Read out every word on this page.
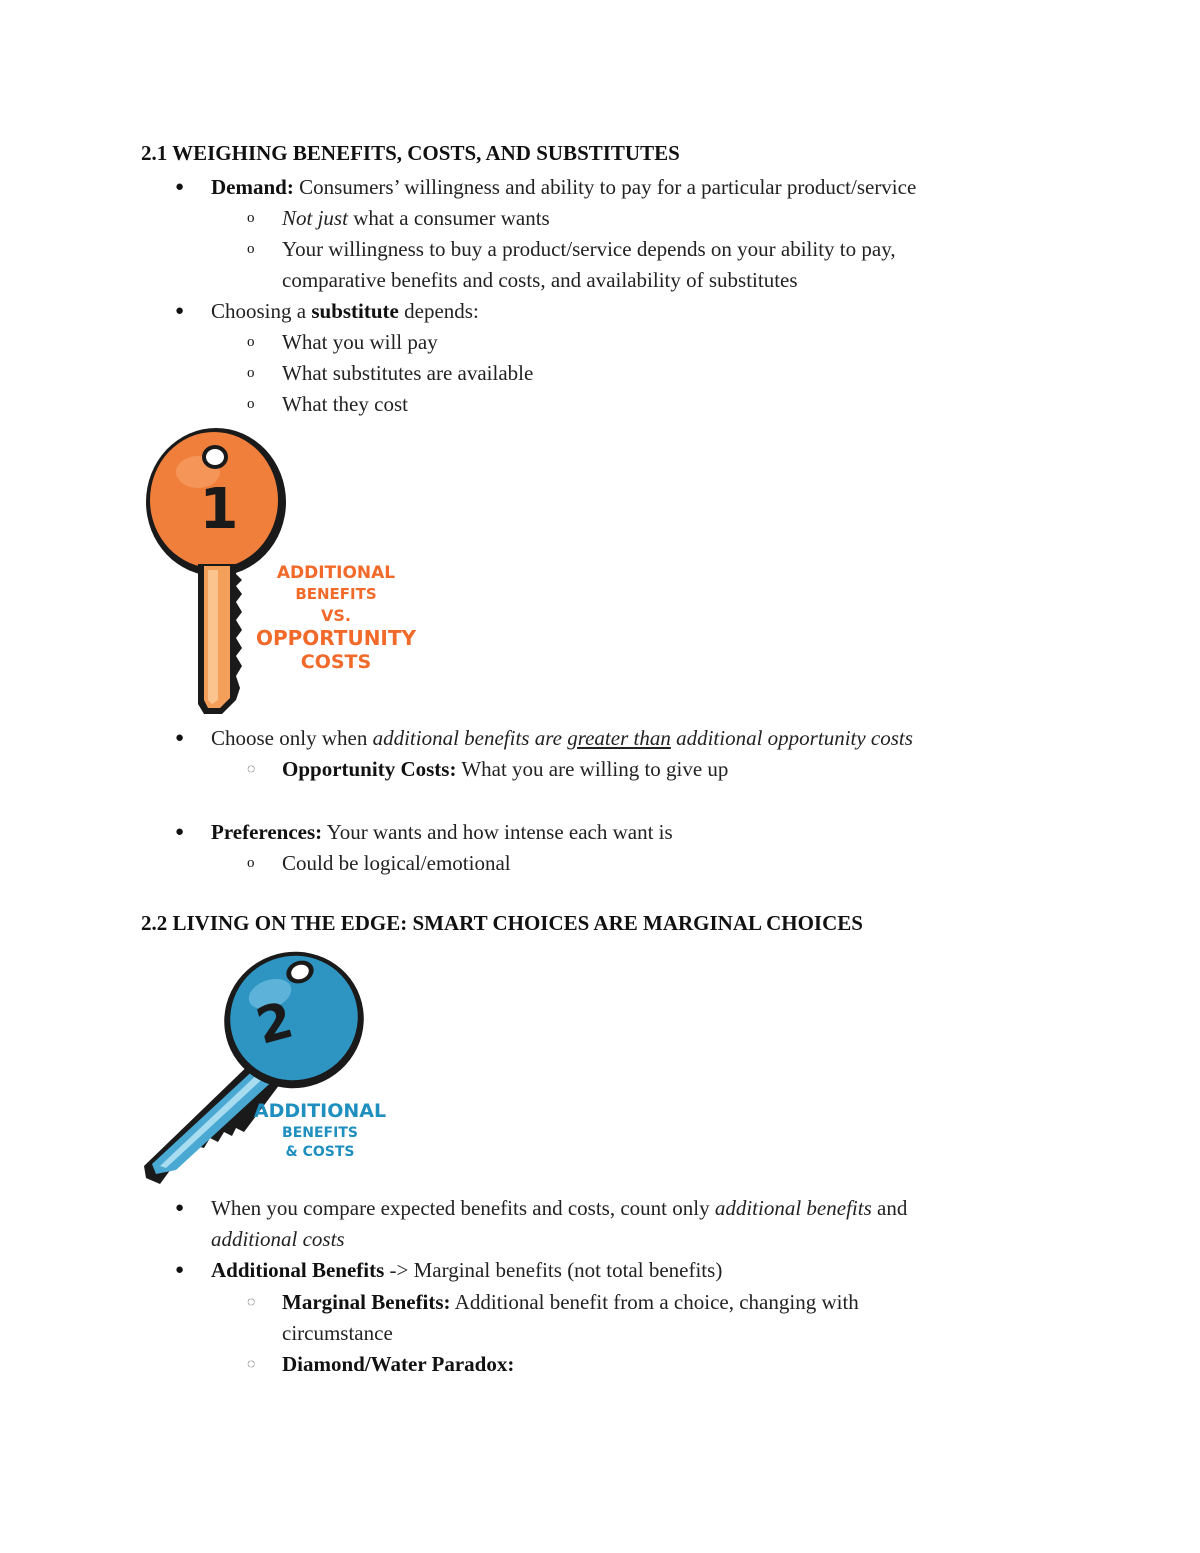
2.1 WEIGHING BENEFITS, COSTS, AND SUBSTITUTES
● Demand: Consumers’ willingness and ability to pay for a particular product/service
o Not just what a consumer wants
o Your willingness to buy a product/service depends on your ability to pay,
comparative benefits and costs, and availability of substitutes
● Choosing a substitute depends:
o What you will pay
o What substitutes are available
o What they cost
1
ADDITIONAL
BENEFITS
VS.
OPPORTUNITY
COSTS
● Choose only when additional benefits are greater than additional opportunity costs
◌ Opportunity Costs: What you are willing to give up
● Preferences: Your wants and how intense each want is
o Could be logical/emotional
2.2 LIVING ON THE EDGE: SMART CHOICES ARE MARGINAL CHOICES
2
ADDITIONAL
BENEFITS
& COSTS
● When you compare expected benefits and costs, count only additional benefits and
additional costs
● Additional Benefits -> Marginal benefits (not total benefits)
◌ Marginal Benefits: Additional benefit from a choice, changing with
circumstance
◌ Diamond/Water Paradox:
